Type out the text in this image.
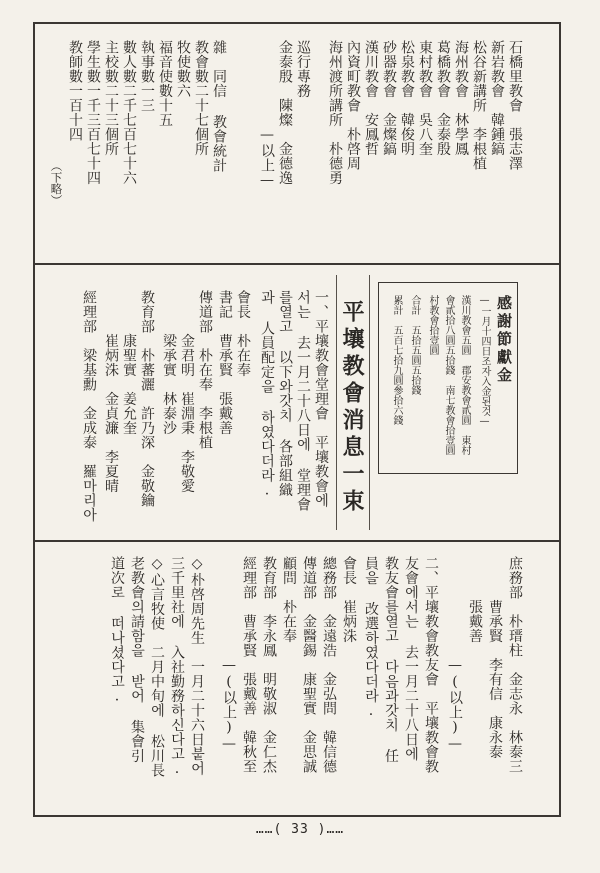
石橋里教會　張志澤
新岩教會　韓鍾鎬
松谷新講所　李根植
海州教會　林學鳳
葛橋教會　金泰殷
東村教會　吳八奎
松泉教會　韓俊明
砂器教會　金燦鎬
漢川教會　安鳳哲
內資町教會　朴啓周
海州渡所講所　朴德勇
巡行專務
金泰殷　陳燦　金德逸
　　　　　　—以上—
雜　同信 教會統計
教會數二十七個所
牧使數六
福音使數十五
執事數一三
數人數二千七百七十六
主校數二十三個所
學生數一千三百七十四
教師數一百十四
（下略）
感謝節獻金
—一月十四日조자入金된것—
漢川教會五圓　郡安教會貳圓　東村
會貳拾八圓五拾錢　南七教會拾壹圓
村教會拾壹圓
合計　五拾五圓五拾錢
累計　五百七拾九圓參拾六錢
平壤教會消息一束
一、平壤教會堂理會　平壤教會에
서는 去一月二十八日에 堂理會
를열고 以下와갓치 各部組織
과 人員配定을 하였다더라.
會長　朴在奉
書記　曹承賢　張戴善
傳道部　朴在奉　李根植
　　　金君明　崔淵秉　李敬愛
　　　梁承實　林泰沙
教育部　朴蕃灑　許乃深　金敬鑰
　　　康聖實　姜允奎
　　　崔炳洙　金貞濂　李夏晴
經理部　梁基勳　金成泰　羅마리아
庶務部　朴瑨柱　金志永　林泰三
　　　曹承賢　李有信　康永泰
　　　張戴善
　　　　　　　—(以上)—
二、平壤教會教友會　平壤教會教
友會에서는 去一月二十八日에
教友會를열고 다음과갓치 任
員을 改選하였다더라.
會長　崔炳洙
總務部　金遠浩　金弘問　韓信德
傳道部　金醫錫　康聖實　金思誠
顧問　朴在奉
教育部　李永鳳　明敬淑　金仁杰
經理部　曹承賢　張戴善　韓秋至
　　　　　　　—(以上)—
◇朴啓周先生　一月二十六日붙어
三千里社에 入社勤務하신다고.
◇心言牧使　二月中旬에 松川長
老教會의請함을 받어 集會引
道次로 떠나셨다고.
……( 33 )……
